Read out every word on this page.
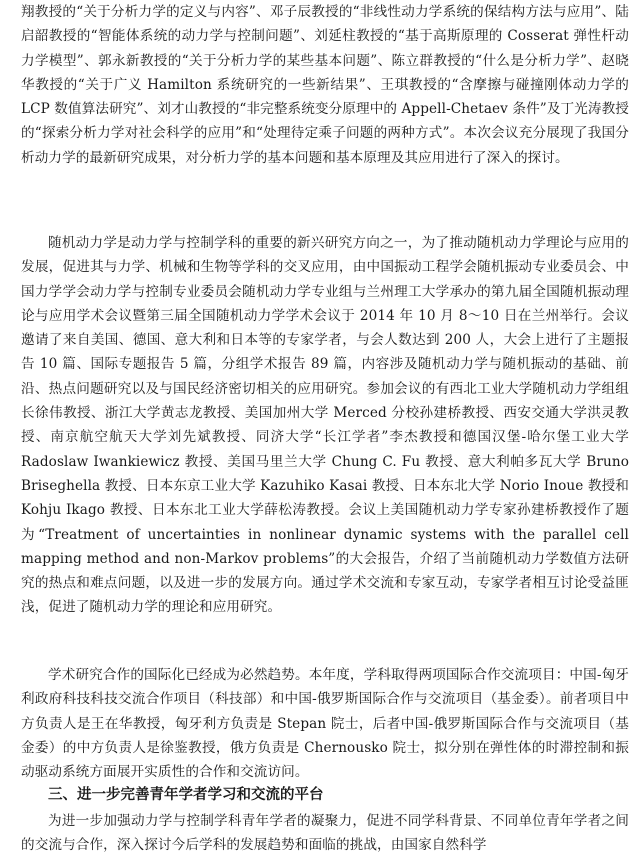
翔教授的“关于分析力学的定义与内容”、邓子辰教授的“非线性动力学系统的保结构方法与应用”、陆启韶教授的“智能体系统的动力学与控制问题”、刘延柱教授的“基于高斯原理的 Cosserat 弹性杆动力学模型”、郭永新教授的“关于分析力学的某些基本问题”、陈立群教授的“什么是分析力学”、赵晓华教授的“关于广义 Hamilton 系统研究的一些新结果”、王琪教授的“含摩擦与碰撞刚体动力学的 LCP 数值算法研究”、刘才山教授的“非完整系统变分原理中的 Appell-Chetaev 条件”及丁光涛教授的“探索分析力学对社会科学的应用”和“处理待定乘子问题的两种方式”。本次会议充分展现了我国分析动力学的最新研究成果，对分析力学的基本问题和基本原理及其应用进行了深入的探讨。

随机动力学是动力学与控制学科的重要的新兴研究方向之一，为了推动随机动力学理论与应用的发展，促进其与力学、机械和生物等学科的交叉应用，由中国振动工程学会随机振动专业委员会、中国力学学会动力学与控制专业委员会随机动力学专业组与兰州理工大学承办的第九届全国随机振动理论与应用学术会议暨第三届全国随机动力学学术会议于 2014 年 10 月 8～10 日在兰州举行。会议邀请了来自美国、德国、意大利和日本等的专家学者，与会人数达到 200 人，大会上进行了主题报告 10 篇、国际专题报告 5 篇，分组学术报告 89 篇，内容涉及随机动力学与随机振动的基础、前沿、热点问题研究以及与国民经济密切相关的应用研究。参加会议的有西北工业大学随机动力学组组长徐伟教授、浙江大学黄志龙教授、美国加州大学 Merced 分校孙建桥教授、西安交通大学洪灵教授、南京航空航天大学刘先斌教授、同济大学“长江学者”李杰教授和德国汉堡-哈尔堡工业大学 Radoslaw Iwankiewicz 教授、美国马里兰大学 Chung C. Fu 教授、意大利帕多瓦大学 Bruno Briseghella 教授、日本东京工业大学 Kazuhiko Kasai 教授、日本东北大学 Norio Inoue 教授和 Kohju Ikago 教授、日本东北工业大学薛松涛教授。会议上美国随机动力学专家孙建桥教授作了题为“Treatment of uncertainties in nonlinear dynamic systems with the parallel cell mapping method and non-Markov problems”的大会报告，介绍了当前随机动力学数值方法研究的热点和难点问题，以及进一步的发展方向。通过学术交流和专家互动，专家学者相互讨论受益匪浅，促进了随机动力学的理论和应用研究。

学术研究合作的国际化已经成为必然趋势。本年度，学科取得两项国际合作交流项目：中国-匈牙利政府科技科技交流合作项目（科技部）和中国-俄罗斯国际合作与交流项目（基金委）。前者项目中方负责人是王在华教授，匈牙利方负责是 Stepan 院士，后者中国-俄罗斯国际合作与交流项目（基金委）的中方负责人是徐鉴教授，俄方负责是 Chernousko 院士，拟分别在弹性体的时滞控制和振动驱动系统方面展开实质性的合作和交流访问。

三、进一步完善青年学者学习和交流的平台

为进一步加强动力学与控制学科青年学者的凝聚力，促进不同学科背景、不同单位青年学者之间的交流与合作，深入探讨今后学科的发展趋势和面临的挑战，由国家自然科学
